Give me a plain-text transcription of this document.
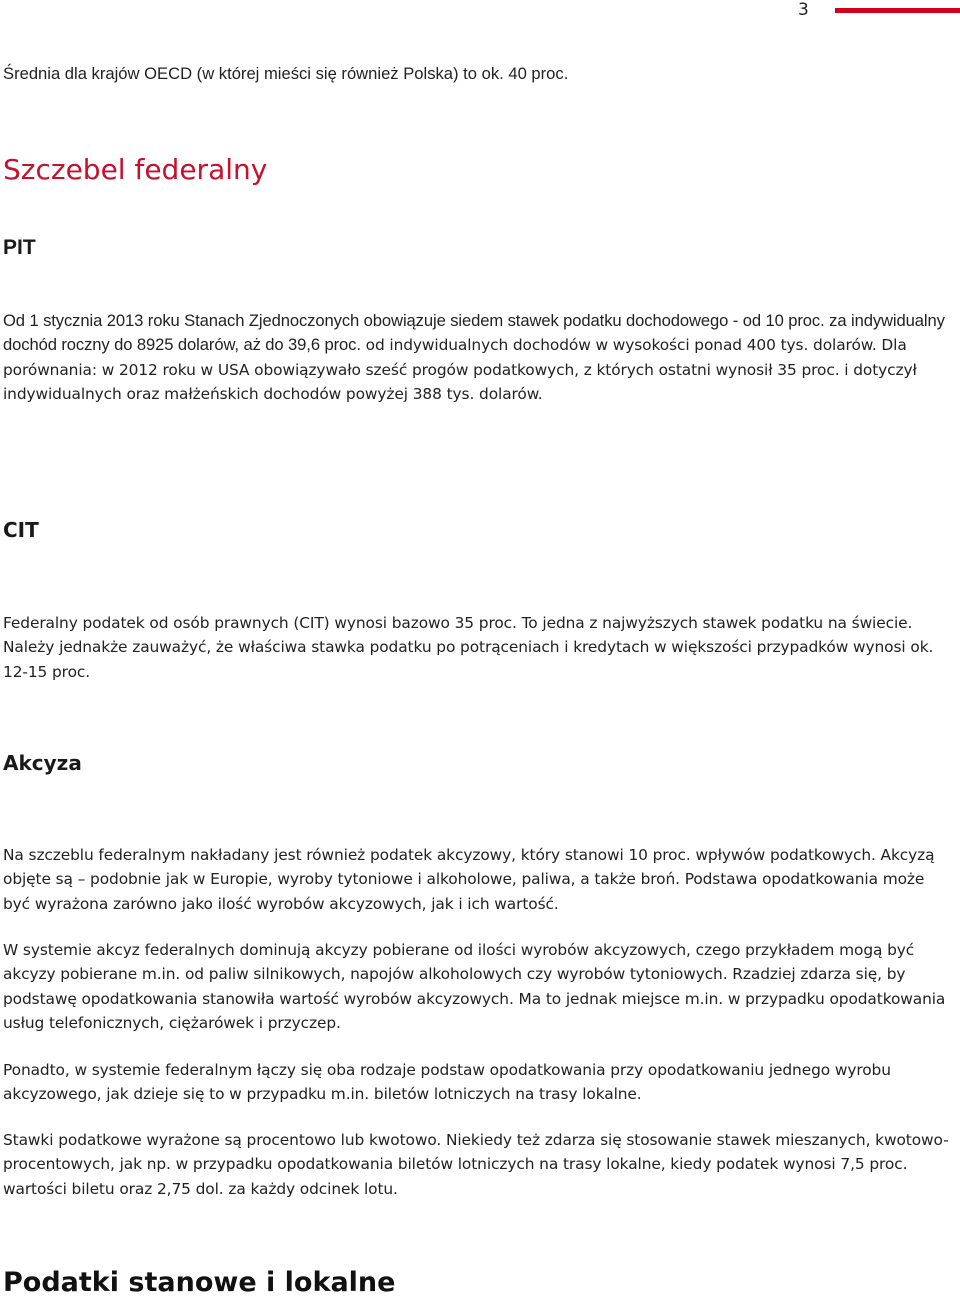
3

Średnia dla krajów OECD (w której mieści się również Polska) to ok. 40 proc.

Szczebel federalny
PIT

Od 1 stycznia 2013 roku Stanach Zjednoczonych obowiązuje siedem stawek podatku dochodowego - od 10 proc. za indywidualny dochód roczny do 8925 dolarów, aż do 39,6 proc. od indywidualnych dochodów w wysokości ponad 400 tys. dolarów. Dla porównania: w 2012 roku w USA obowiązywało sześć progów podatkowych, z których ostatni wynosił 35 proc. i dotyczył indywidualnych oraz małżeńskich dochodów powyżej 388 tys. dolarów.

CIT

Federalny podatek od osób prawnych (CIT) wynosi bazowo 35 proc. To jedna z najwyższych stawek podatku na świecie. Należy jednakże zauważyć, że właściwa stawka podatku po potrąceniach i kredytach w większości przypadków wynosi ok. 12-15 proc.

Akcyza

Na szczeblu federalnym nakładany jest również podatek akcyzowy, który stanowi 10 proc. wpływów podatkowych. Akcyzą objęte są – podobnie jak w Europie, wyroby tytoniowe i alkoholowe, paliwa, a także broń. Podstawa opodatkowania może być wyrażona zarówno jako ilość wyrobów akcyzowych, jak i ich wartość.

W systemie akcyz federalnych dominują akcyzy pobierane od ilości wyrobów akcyzowych, czego przykładem mogą być akcyzy pobierane m.in. od paliw silnikowych, napojów alkoholowych czy wyrobów tytoniowych. Rzadziej zdarza się, by podstawę opodatkowania stanowiła wartość wyrobów akcyzowych. Ma to jednak miejsce m.in. w przypadku opodatkowania usług telefonicznych, ciężarówek i przyczep.

Ponadto, w systemie federalnym łączy się oba rodzaje podstaw opodatkowania przy opodatkowaniu jednego wyrobu akcyzowego, jak dzieje się to w przypadku m.in. biletów lotniczych na trasy lokalne.

Stawki podatkowe wyrażone są procentowo lub kwotowo. Niekiedy też zdarza się stosowanie stawek mieszanych, kwotowo-procentowych, jak np. w przypadku opodatkowania biletów lotniczych na trasy lokalne, kiedy podatek wynosi 7,5 proc. wartości biletu oraz 2,75 dol. za każdy odcinek lotu.

Podatki stanowe i lokalne
